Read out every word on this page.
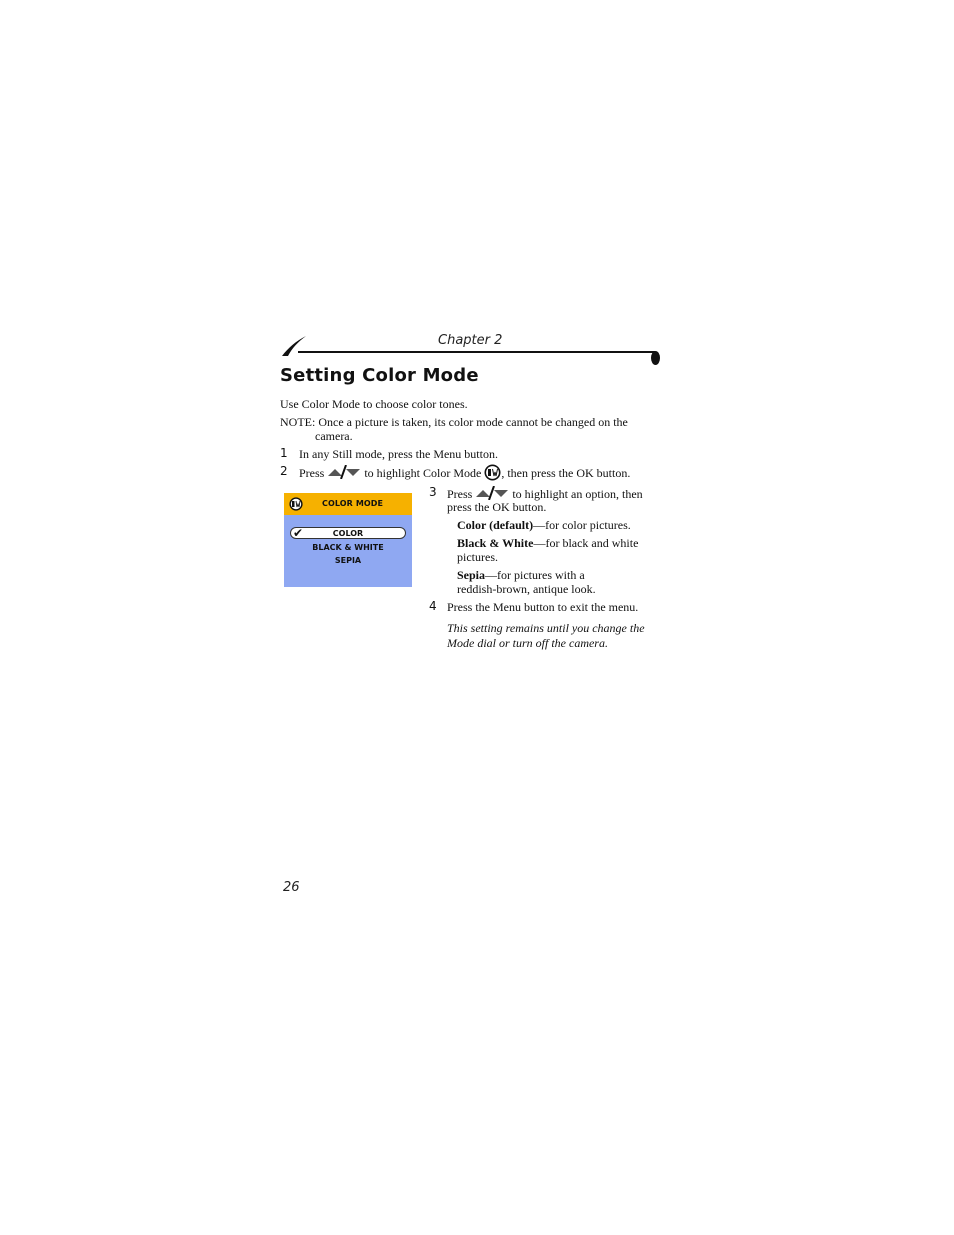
Chapter 2
Setting Color Mode
Use Color Mode to choose color tones.
NOTE: Once a picture is taken, its color mode cannot be changed on the
camera.
1 In any Still mode, press the Menu button.
2 Press	to highlight Color Mode , then press the OK button.
COLOR MODE
✔	COLOR
BLACK & WHITE
SEPIA
3 Press	to highlight an option, then
press the OK button.
Color (default)—for color pictures.
Black & White—for black and white
pictures.
Sepia—for pictures with a
reddish-brown, antique look.
4 Press the Menu button to exit the menu.
This setting remains until you change the
Mode dial or turn off the camera.
26
